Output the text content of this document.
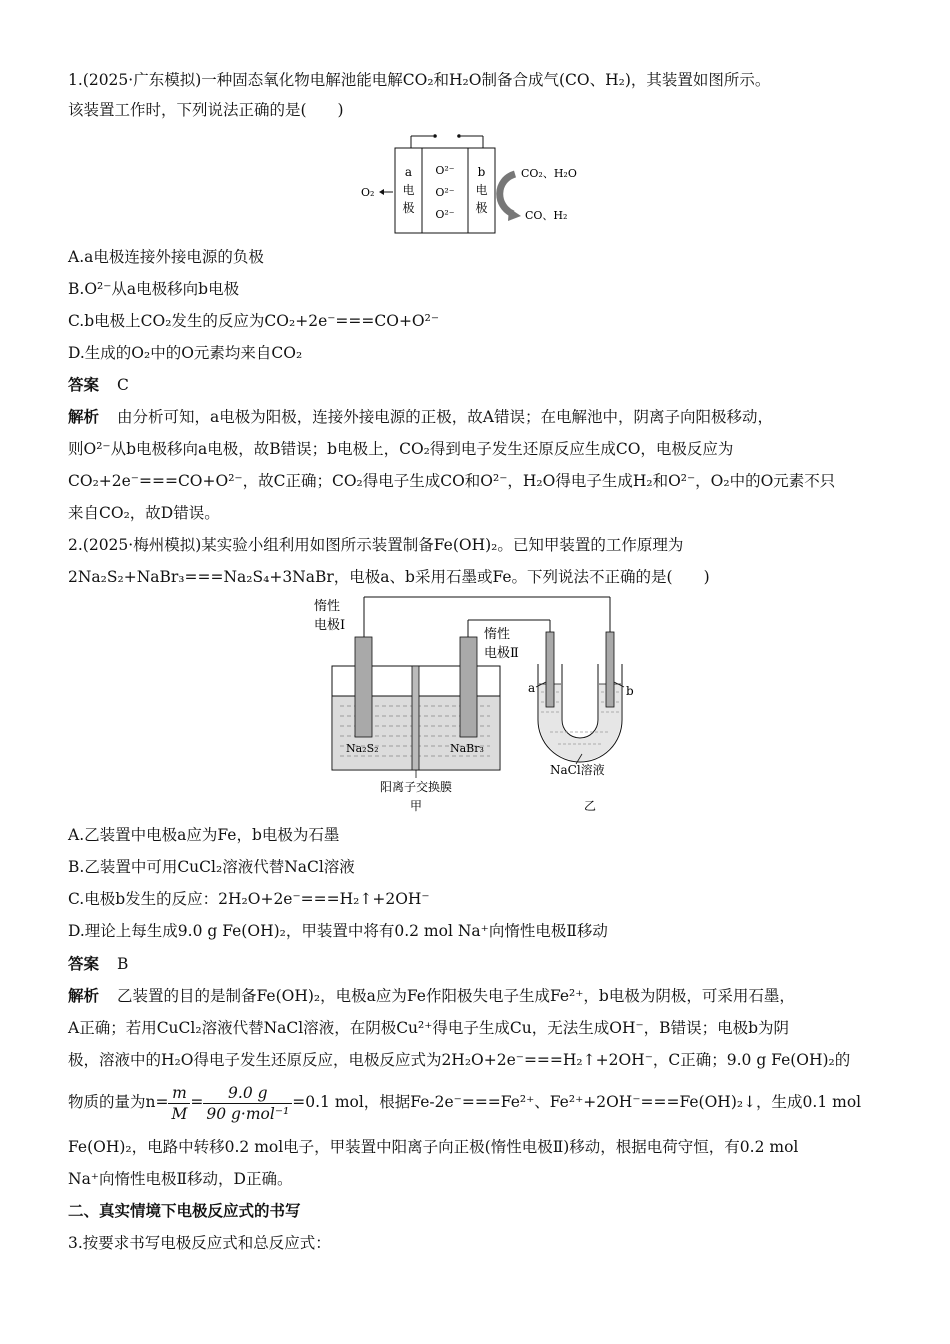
1.(2025·广东模拟)一种固态氧化物电解池能电解CO₂和H₂O制备合成气(CO、H₂)，其装置如图所示。
该装置工作时，下列说法正确的是(　　)
a
电
极
b
电
极
O²⁻
O²⁻
O²⁻
O₂
CO₂、H₂O
CO、H₂
A.a电极连接外接电源的负极
B.O²⁻从a电极移向b电极
C.b电极上CO₂发生的反应为CO₂+2e⁻===CO+O²⁻
D.生成的O₂中的O元素均来自CO₂
答案 C
解析 由分析可知，a电极为阳极，连接外接电源的正极，故A错误；在电解池中，阴离子向阳极移动，
则O²⁻从b电极移向a电极，故B错误；b电极上，CO₂得到电子发生还原反应生成CO，电极反应为
CO₂+2e⁻===CO+O²⁻，故C正确；CO₂得电子生成CO和O²⁻，H₂O得电子生成H₂和O²⁻，O₂中的O元素不只
来自CO₂，故D错误。
2.(2025·梅州模拟)某实验小组利用如图所示装置制备Fe(OH)₂。已知甲装置的工作原理为
2Na₂S₂+NaBr₃===Na₂S₄+3NaBr，电极a、b采用石墨或Fe。下列说法不正确的是(　　)
惰性
电极Ⅰ
惰性
电极Ⅱ
Na₂S₂	NaBr₃
阳离子交换膜
甲
a	b
NaCl溶液
乙
A.乙装置中电极a应为Fe，b电极为石墨
B.乙装置中可用CuCl₂溶液代替NaCl溶液
C.电极b发生的反应：2H₂O+2e⁻===H₂↑+2OH⁻
D.理论上每生成9.0 g Fe(OH)₂，甲装置中将有0.2 mol Na⁺向惰性电极Ⅱ移动
答案 B
解析 乙装置的目的是制备Fe(OH)₂，电极a应为Fe作阳极失电子生成Fe²⁺，b电极为阴极，可采用石墨，
A正确；若用CuCl₂溶液代替NaCl溶液，在阴极Cu²⁺得电子生成Cu，无法生成OH⁻，B错误；电极b为阴
极，溶液中的H₂O得电子发生还原反应，电极反应式为2H₂O+2e⁻===H₂↑+2OH⁻，C正确；9.0 g Fe(OH)₂的
物质的量为$n= \frac{m}{M} = \frac{9.0 g}{\text{90 g·mol⁻¹}} =0.1$ mol，根据Fe-2e⁻===Fe²⁺、Fe²⁺+2OH⁻===Fe(OH)₂↓，生成0.1 mol
Fe(OH)₂，电路中转移0.2 mol电子，甲装置中阳离子向正极(惰性电极Ⅱ)移动，根据电荷守恒，有0.2 mol
Na⁺向惰性电极Ⅱ移动，D正确。
二、真实情境下电极反应式的书写
3.按要求书写电极反应式和总反应式：
